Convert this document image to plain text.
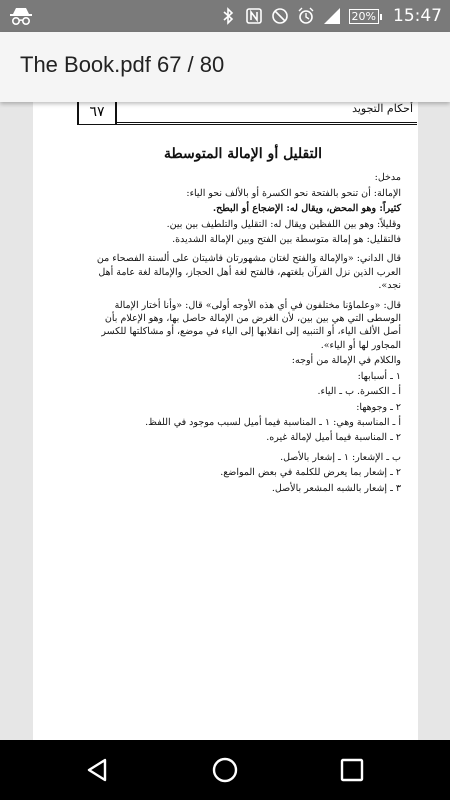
20% 15:47
The Book.pdf 67 / 80
٦٧	أحكام التجويد
التقليل أو الإمالة المتوسطة

مدخل:

الإمالة: أن تنحو بالفتحة نحو الكسرة أو بالألف نحو الياء:

كثيراً: وهو المحض، ويقال له: الإضجاع أو البطح.

وقليلاً: وهو بين اللفظين ويقال له: التقليل والتلطيف بين بين.

فالتقليل: هو إمالة متوسطة بين الفتح وبين الإمالة الشديدة.

قال الداني: «والإمالة والفتح لغتان مشهورتان فاشيتان على ألسنة الفصحاء من العرب الذين نزل القرآن بلغتهم، فالفتح لغة أهل الحجاز، والإمالة لغة عامة أهل نجد».

قال: «وعلماؤنا مختلفون في أي هذه الأوجه أولى» قال: «وأنا أختار الإمالة الوسطى التي هي بين بين، لأن الغرض من الإمالة حاصل بها، وهو الإعلام بأن أصل الألف الياء، أو التنبيه إلى انقلابها إلى الياء في موضع، أو مشاكلتها للكسر المجاور لها أو الياء».

والكلام في الإمالة من أوجه:

١ ـ أسبابها:

أ ـ الكسرة. ب ـ الياء.

٢ ـ وجوهها:

أ ـ المناسبة وهي: ١ ـ المناسبة فيما أميل لسبب موجود في اللفظ.

٢ ـ المناسبة فيما أميل لإمالة غيره.

ب ـ الإشعار: ١ ـ إشعار بالأصل.

٢ ـ إشعار بما يعرض للكلمة في بعض المواضع.

٣ ـ إشعار بالشبه المشعر بالأصل.
